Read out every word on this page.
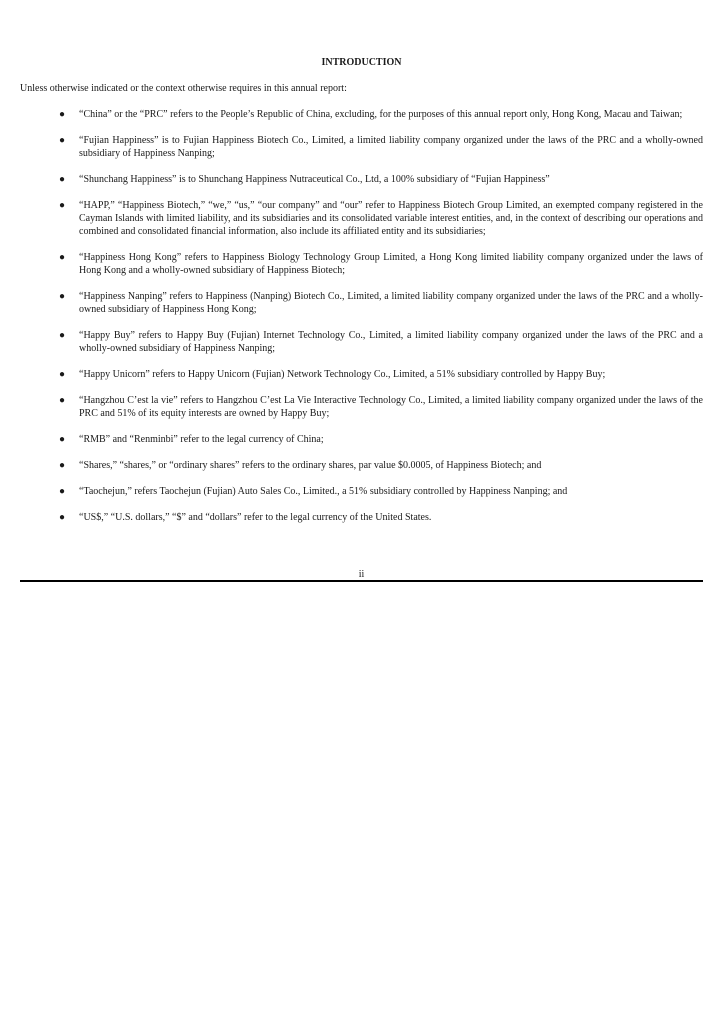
INTRODUCTION
Unless otherwise indicated or the context otherwise requires in this annual report:
● “China” or the “PRC” refers to the People’s Republic of China, excluding, for the purposes of this annual report only, Hong Kong, Macau and Taiwan;
● “Fujian Happiness” is to Fujian Happiness Biotech Co., Limited, a limited liability company organized under the laws of the PRC and a wholly-owned subsidiary of Happiness Nanping;
● “Shunchang Happiness” is to Shunchang Happiness Nutraceutical Co., Ltd, a 100% subsidiary of “Fujian Happiness”
● “HAPP,” “Happiness Biotech,” “we,” “us,” “our company” and “our” refer to Happiness Biotech Group Limited, an exempted company registered in the Cayman Islands with limited liability, and its subsidiaries and its consolidated variable interest entities, and, in the context of describing our operations and combined and consolidated financial information, also include its affiliated entity and its subsidiaries;
● “Happiness Hong Kong” refers to Happiness Biology Technology Group Limited, a Hong Kong limited liability company organized under the laws of Hong Kong and a wholly-owned subsidiary of Happiness Biotech;
● “Happiness Nanping” refers to Happiness (Nanping) Biotech Co., Limited, a limited liability company organized under the laws of the PRC and a wholly-owned subsidiary of Happiness Hong Kong;
● “Happy Buy” refers to Happy Buy (Fujian) Internet Technology Co., Limited, a limited liability company organized under the laws of the PRC and a wholly-owned subsidiary of Happiness Nanping;
● “Happy Unicorn” refers to Happy Unicorn (Fujian) Network Technology Co., Limited, a 51% subsidiary controlled by Happy Buy;
● “Hangzhou C’est la vie” refers to Hangzhou C’est La Vie Interactive Technology Co., Limited, a limited liability company organized under the laws of the PRC and 51% of its equity interests are owned by Happy Buy;
● “RMB” and “Renminbi” refer to the legal currency of China;
● “Shares,” “shares,” or “ordinary shares” refers to the ordinary shares, par value $0.0005, of Happiness Biotech; and
● “Taochejun,” refers Taochejun (Fujian) Auto Sales Co., Limited., a 51% subsidiary controlled by Happiness Nanping; and
● “US$,” “U.S. dollars,” “$” and “dollars” refer to the legal currency of the United States.
ii
